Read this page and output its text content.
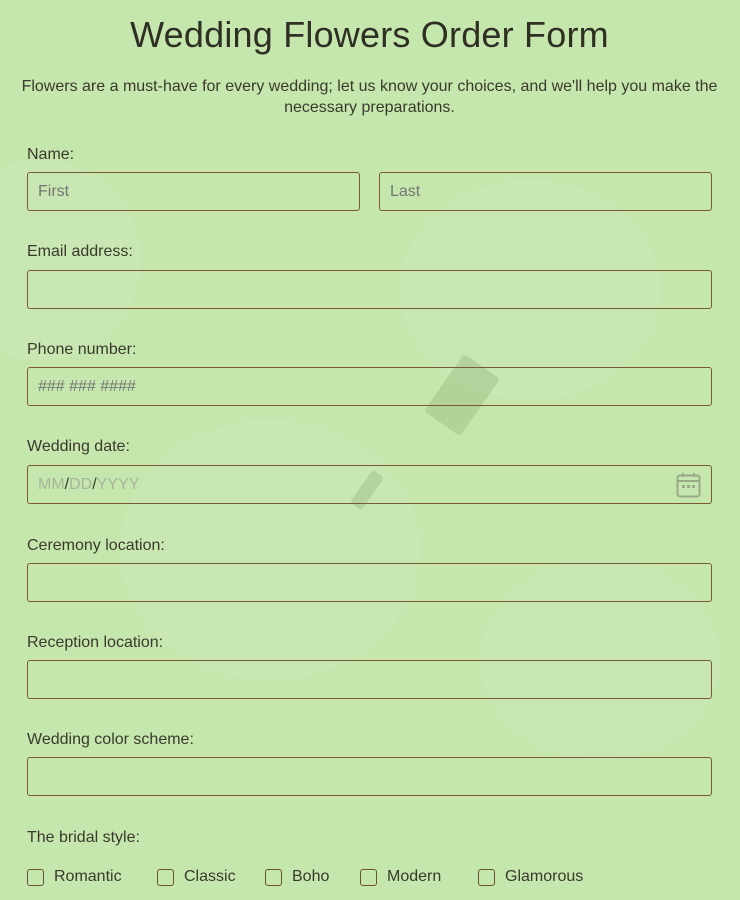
Wedding Flowers Order Form
Flowers are a must-have for every wedding; let us know your choices, and we'll help you make the necessary preparations.
Name:
First
Last
Email address:
Phone number:
### ### ####
Wedding date:
MM/DD/YYYY
Ceremony location:
Reception location:
Wedding color scheme:
The bridal style:
Romantic	Classic	Boho	Modern	Glamorous
